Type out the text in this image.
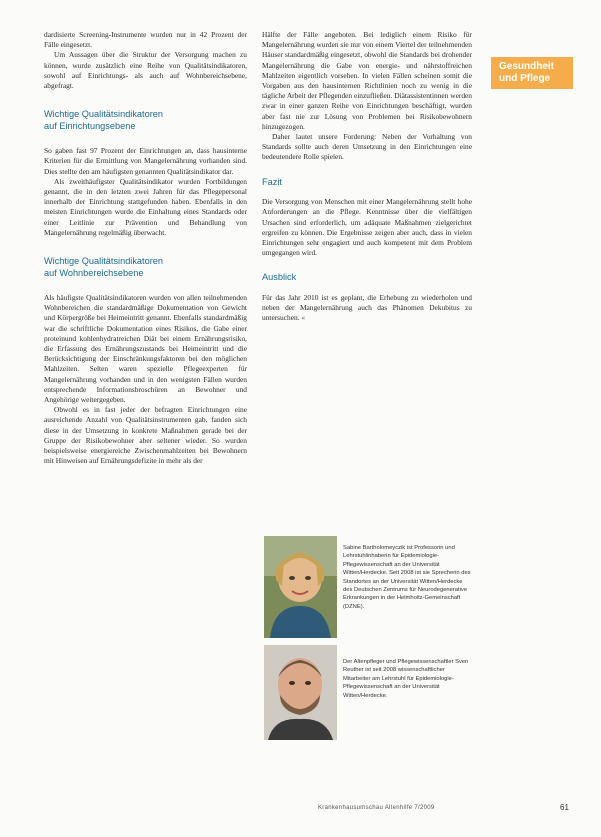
Gesundheit
und Pflege

dardisierte Screening-Instrumente wurden nur in 42 Prozent der Fälle eingesetzt.

Um Aussagen über die Struktur der Versorgung machen zu können, wurde zusätzlich eine Reihe von Qualitätsindikatoren, sowohl auf Einrichtungs- als auch auf Wohnbereichsebene, abgefragt.

Wichtige Qualitätsindikatoren
auf Einrichtungsebene

So gaben fast 97 Prozent der Einrichtungen an, dass hausinterne Kriterien für die Ermittlung von Mangelernährung vorhanden sind. Dies stellte den am häufigsten genannten Qualitätsindikator dar.

Als zweithäufigster Qualitätsindikator wurden Fortbildungen genannt, die in den letzten zwei Jahren für das Pflegepersonal innerhalb der Einrichtung stattgefunden haben. Ebenfalls in den meisten Einrichtungen wurde die Einhaltung eines Standards oder einer Leitlinie zur Prävention und Behandlung von Mangelernährung regelmäßig überwacht.

Wichtige Qualitätsindikatoren
auf Wohnbereichsebene

Als häufigste Qualitätsindikatoren wurden von allen teilnehmenden Wohnbereichen die standardmäßige Dokumentation von Gewicht und Körpergröße bei Heimeintritt genannt. Ebenfalls standardmäßig war die schriftliche Dokumentation eines Risikos, die Gabe einer proteinund kohlenhydratreichen Diät bei einem Ernährungsrisiko, die Erfassung des Ernährungszustands bei Heimeintritt und die Berücksichtigung der Einschränkungsfaktoren bei den möglichen Mahlzeiten. Selten waren spezielle Pflegeexperten für Mangelernährung vorhanden und in den wenigsten Fällen wurden entsprechende Informationsbroschüren an Bewohner und Angehörige weitergegeben.

Obwohl es in fast jeder der befragten Einrichtungen eine ausreichende Anzahl von Qualitätsinstrumenten gab, fanden sich diese in der Umsetzung in konkrete Maßnahmen gerade bei der Gruppe der Risikobewohner aber seltener wieder. So wurden beispielsweise energiereiche Zwischenmahlzeiten bei Bewohnern mit Hinweisen auf Ernährungsdefizite in mehr als der

Hälfte der Fälle angeboten. Bei lediglich einem Risiko für Mangelernährung wurden sie nur von einem Viertel der teilnehmenden Häuser standardmäßig eingesetzt, obwohl die Standards bei drohender Mangelernährung die Gabe von energie- und nährstoffreichen Mahlzeiten eigentlich vorsehen. In vielen Fällen scheinen somit die Vorgaben aus den hausinternen Richtlinien noch zu wenig in die tägliche Arbeit der Pflegenden einzufließen. Diätassistentinnen werden zwar in einer ganzen Reihe von Einrichtungen beschäftigt, wurden aber fast nie zur Lösung von Problemen bei Risikobewohnern hinzugezogen.

Daher lautet unsere Forderung: Neben der Vorhaltung von Standards sollte auch deren Umsetzung in den Einrichtungen eine bedeutendere Rolle spielen.

Fazit

Die Versorgung von Menschen mit einer Mangelernährung stellt hohe Anforderungen an die Pflege. Kenntnisse über die vielfältigen Ursachen sind erforderlich, um adäquate Maßnahmen zielgerichtet ergreifen zu können. Die Ergebnisse zeigen aber auch, dass in vielen Einrichtungen sehr engagiert und auch kompetent mit dem Problem umgegangen wird.

Ausblick

Für das Jahr 2010 ist es geplant, die Erhebung zu wiederholen und neben der Mangelernährung auch das Phänomen Dekubitus zu untersuchen. «

Sabine Bartholomeyczik ist Professorin und Lehrstuhlinhaberin für Epidemiologie-Pflegewissenschaft an der Universität Witten/Herdecke. Seit 2008 ist sie Sprecherin des Standortes an der Universität Witten/Herdecke des Deutschen Zentrums für Neurodegenerative Erkrankungen in der Helmholtz-Gemeinschaft (DZNE).
Der Altenpfleger und Pflegewissenschaftler Sven Reuther ist seit 2008 wissenschaftlicher Mitarbeiter am Lehrstuhl für Epidemiologie-Pflegewissenschaft an der Universität Witten/Herdecke.
Krankenhausumschau Altenhilfe 7/2009	61
